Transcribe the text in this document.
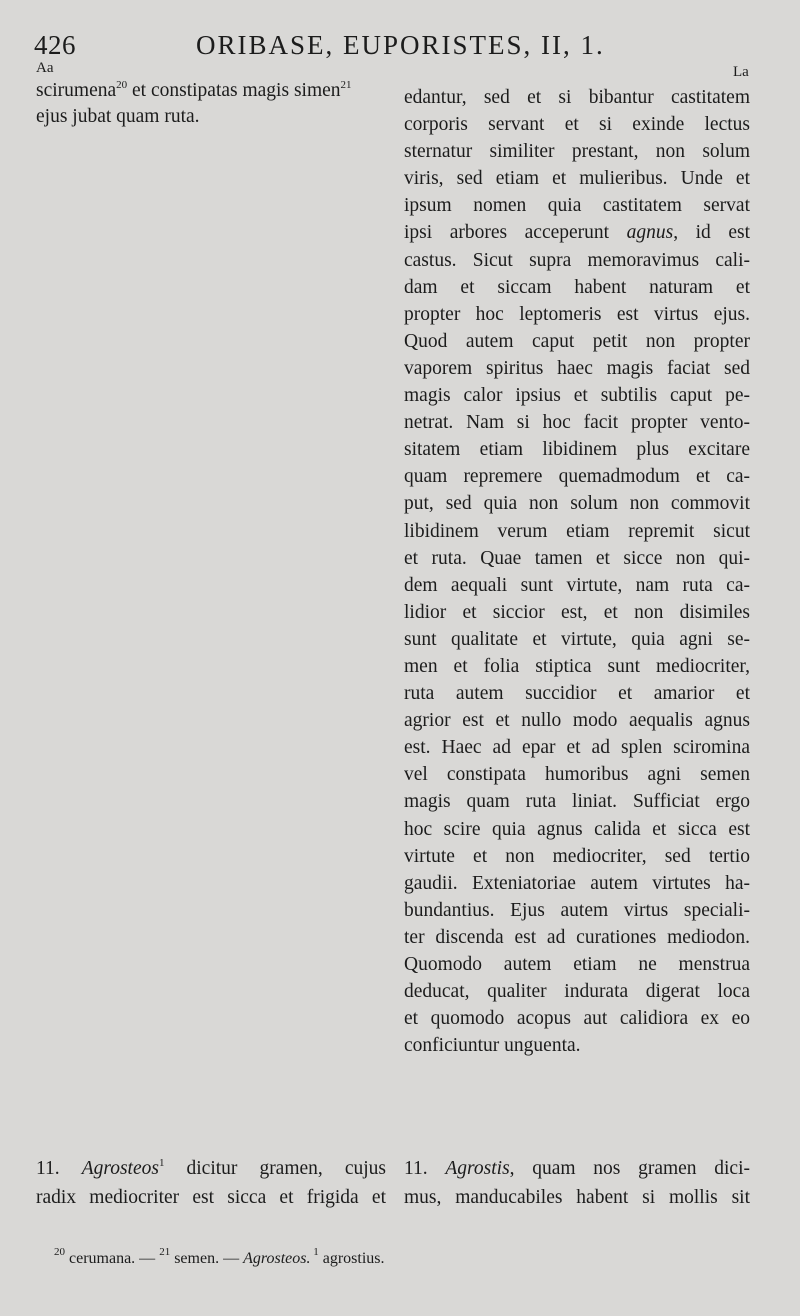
426	ORIBASE, EUPORISTES, II, 1.
Aa	La
scirumena$^{20}$ et constipatas magis simen$^{21}$
ejus jubat quam ruta.
edantur, sed et si bibantur castitatem
corporis servant et si exinde lectus
sternatur similiter prestant, non solum
viris, sed etiam et mulieribus. Unde et
ipsum nomen quia castitatem servat
ipsi arbores acceperunt agnus, id est
castus. Sicut supra memoravimus cali-
dam et siccam habent naturam et
propter hoc leptomeris est virtus ejus.
Quod autem caput petit non propter
vaporem spiritus haec magis faciat sed
magis calor ipsius et subtilis caput pe-
netrat. Nam si hoc facit propter vento-
sitatem etiam libidinem plus excitare
quam repremere quemadmodum et ca-
put, sed quia non solum non commovit
libidinem verum etiam repremit sicut
et ruta. Quae tamen et sicce non qui-
dem aequali sunt virtute, nam ruta ca-
lidior et siccior est, et non disimiles
sunt qualitate et virtute, quia agni se-
men et folia stiptica sunt mediocriter,
ruta autem succidior et amarior et
agrior est et nullo modo aequalis agnus
est. Haec ad epar et ad splen sciromina
vel constipata humoribus agni semen
magis quam ruta liniat. Sufficiat ergo
hoc scire quia agnus calida et sicca est
virtute et non mediocriter, sed tertio
gaudii. Exteniatoriae autem virtutes ha-
bundantius. Ejus autem virtus speciali-
ter discenda est ad curationes mediodon.
Quomodo autem etiam ne menstrua
deducat, qualiter indurata digerat loca
et quomodo acopus aut calidiora ex eo
conficiuntur unguenta.
11. Agrosteos$^1$ dicitur gramen, cujus
radix mediocriter est sicca et frigida et
11. Agrostis, quam nos gramen dici-
mus, manducabiles habent si mollis sit
$^{20}$ cerumana. — $^{21}$ semen. — Agrosteos. $^1$ agrostius.
